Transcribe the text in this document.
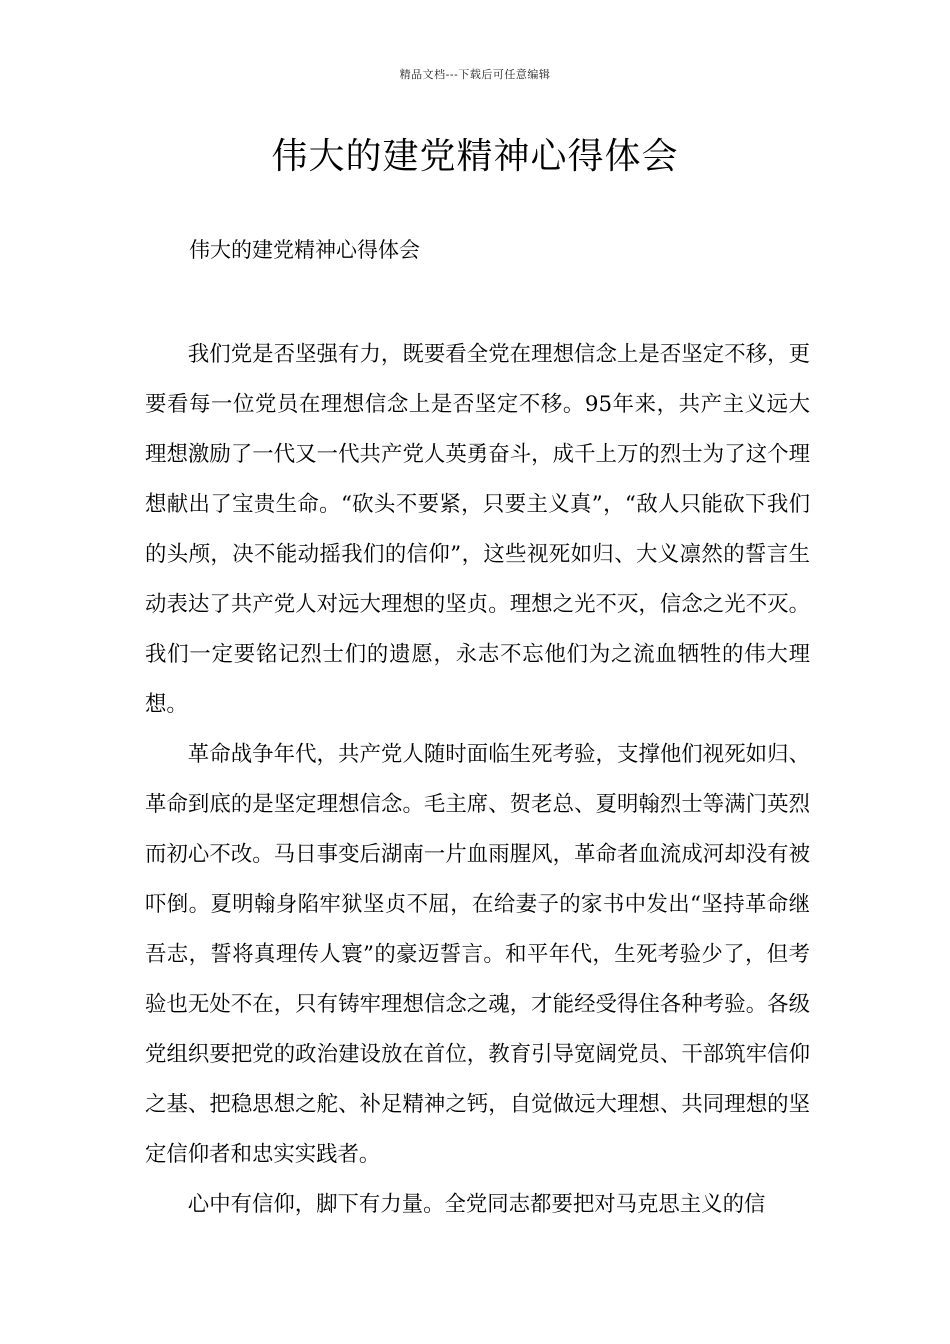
精品文档---下载后可任意编辑
伟大的建党精神心得体会

伟大的建党精神心得体会

我们党是否坚强有力，既要看全党在理想信念上是否坚定不移，更要看每一位党员在理想信念上是否坚定不移。95年来，共产主义远大理想激励了一代又一代共产党人英勇奋斗，成千上万的烈士为了这个理想献出了宝贵生命。“砍头不要紧，只要主义真”，“敌人只能砍下我们的头颅，决不能动摇我们的信仰”，这些视死如归、大义凛然的誓言生动表达了共产党人对远大理想的坚贞。理想之光不灭，信念之光不灭。我们一定要铭记烈士们的遗愿，永志不忘他们为之流血牺牲的伟大理想。

革命战争年代，共产党人随时面临生死考验，支撑他们视死如归、革命到底的是坚定理想信念。毛主席、贺老总、夏明翰烈士等满门英烈而初心不改。马日事变后湖南一片血雨腥风，革命者血流成河却没有被吓倒。夏明翰身陷牢狱坚贞不屈，在给妻子的家书中发出“坚持革命继吾志，誓将真理传人寰”的豪迈誓言。和平年代，生死考验少了，但考验也无处不在，只有铸牢理想信念之魂，才能经受得住各种考验。各级党组织要把党的政治建设放在首位，教育引导宽阔党员、干部筑牢信仰之基、把稳思想之舵、补足精神之钙，自觉做远大理想、共同理想的坚定信仰者和忠实实践者。

心中有信仰，脚下有力量。全党同志都要把对马克思主义的信
